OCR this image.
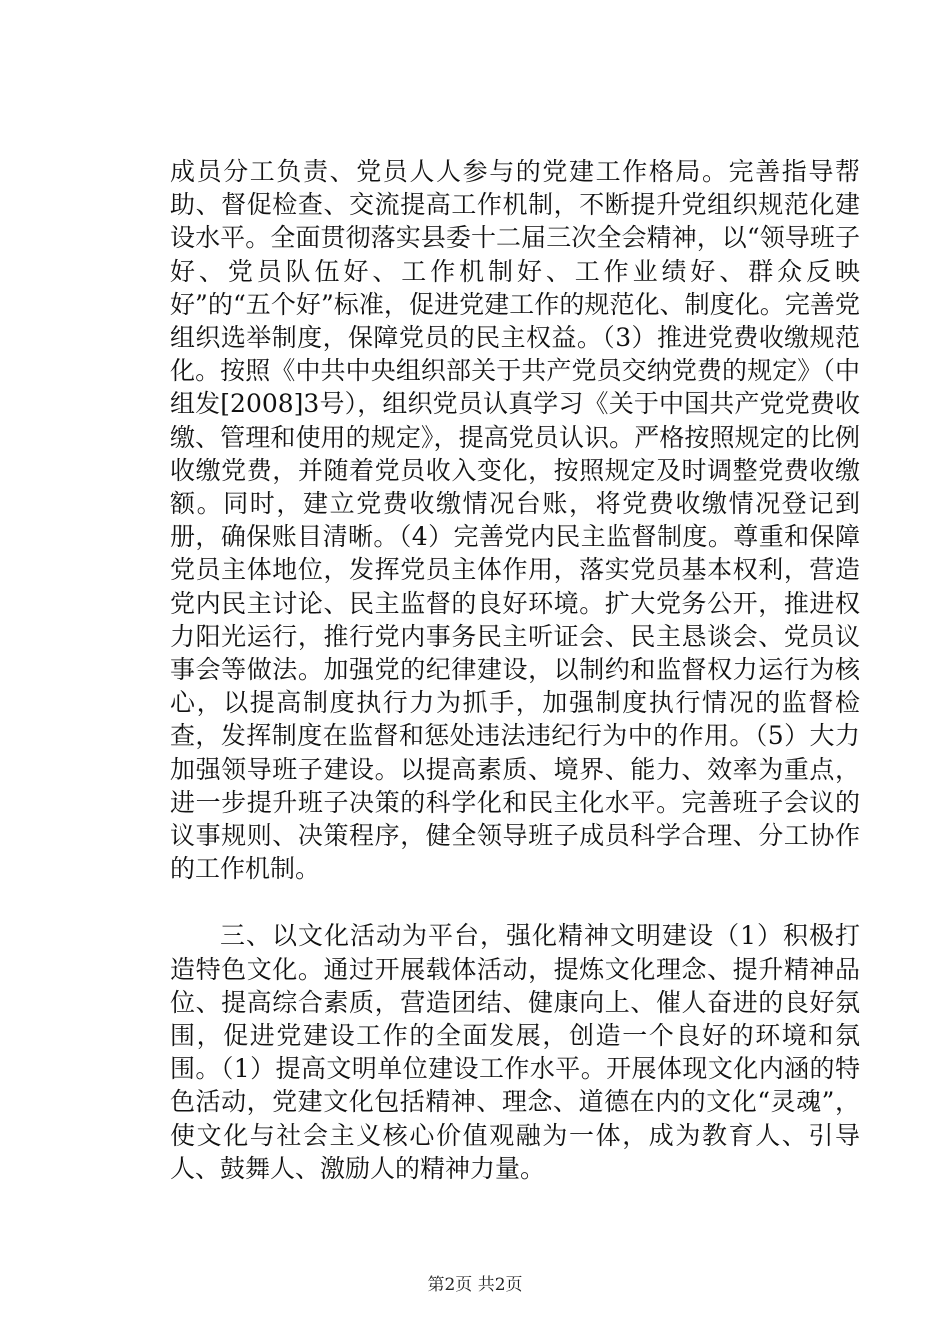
成员分工负责、党员人人参与的党建工作格局。完善指导帮助、督促检查、交流提高工作机制，不断提升党组织规范化建设水平。全面贯彻落实县委十二届三次全会精神，以“领导班子好、党员队伍好、工作机制好、工作业绩好、群众反映好”的“五个好”标准，促进党建工作的规范化、制度化。完善党组织选举制度，保障党员的民主权益。（3）推进党费收缴规范化。按照《中共中央组织部关于共产党员交纳党费的规定》（中组发[2008]3号），组织党员认真学习《关于中国共产党党费收缴、管理和使用的规定》，提高党员认识。严格按照规定的比例收缴党费，并随着党员收入变化，按照规定及时调整党费收缴额。同时，建立党费收缴情况台账，将党费收缴情况登记到册，确保账目清晰。（4）完善党内民主监督制度。尊重和保障党员主体地位，发挥党员主体作用，落实党员基本权利，营造党内民主讨论、民主监督的良好环境。扩大党务公开，推进权力阳光运行，推行党内事务民主听证会、民主恳谈会、党员议事会等做法。加强党的纪律建设，以制约和监督权力运行为核心，以提高制度执行力为抓手，加强制度执行情况的监督检查，发挥制度在监督和惩处违法违纪行为中的作用。（5）大力加强领导班子建设。以提高素质、境界、能力、效率为重点，进一步提升班子决策的科学化和民主化水平。完善班子会议的议事规则、决策程序，健全领导班子成员科学合理、分工协作的工作机制。

三、以文化活动为平台，强化精神文明建设（1）积极打造特色文化。通过开展载体活动，提炼文化理念、提升精神品位、提高综合素质，营造团结、健康向上、催人奋进的良好氛围，促进党建设工作的全面发展，创造一个良好的环境和氛围。（1）提高文明单位建设工作水平。开展体现文化内涵的特色活动，党建文化包括精神、理念、道德在内的文化“灵魂”，使文化与社会主义核心价值观融为一体，成为教育人、引导人、鼓舞人、激励人的精神力量。

第2页 共2页
